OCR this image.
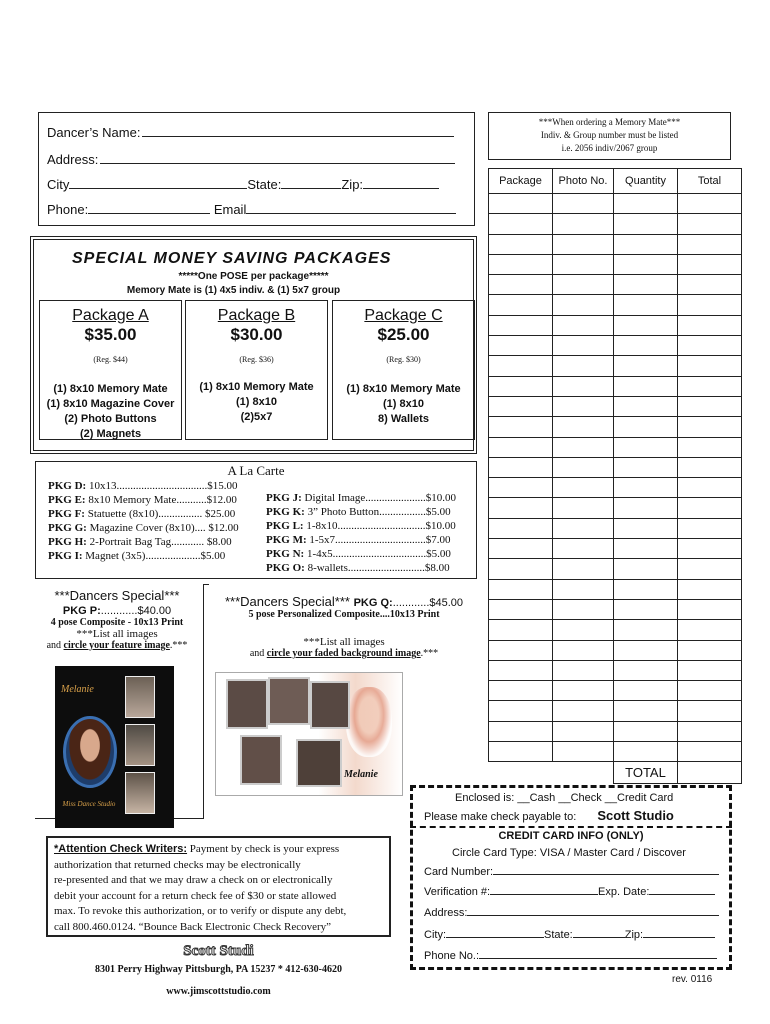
Dancer’s Name:
Address:
City	State:	Zip:
Phone:	Email
***When ordering a Memory Mate***
Indiv. & Group number must be listed
i.e. 2056 indiv/2067 group
Package	Photo No.	Quantity	Total

		TOTAL	
SPECIAL MONEY SAVING PACKAGES
*****One POSE per package*****
Memory Mate is (1) 4x5 indiv. & (1) 5x7 group
Package A
$35.00
(Reg. $44)
(1) 8x10 Memory Mate
(1) 8x10 Magazine Cover
(2) Photo Buttons
(2) Magnets
Package B
$30.00
(Reg. $36)
(1) 8x10 Memory Mate
(1) 8x10
(2)5x7
Package C
$25.00
(Reg. $30)
(1) 8x10 Memory Mate
(1) 8x10
8) Wallets
A La Carte
PKG D: 10x13.................................$15.00
PKG E: 8x10 Memory Mate...........$12.00
PKG F: Statuette (8x10)................ $25.00
PKG G: Magazine Cover (8x10).... $12.00
PKG H: 2-Portrait Bag Tag............ $8.00
PKG I: Magnet (3x5)....................$5.00
PKG J: Digital Image......................$10.00
PKG K: 3” Photo Button.................$5.00
PKG L: 1-8x10................................$10.00
PKG M: 1-5x7.................................$7.00
PKG N: 1-4x5..................................$5.00
PKG O: 8-wallets............................$8.00
***Dancers Special***
PKG P:............$40.00
4 pose Composite - 10x13 Print
***List all images
and circle your feature image.***
Melanie
Miss Dance Studio
***Dancers Special*** PKG Q:............$45.00
5 pose Personalized Composite....10x13 Print
***List all images
and circle your faded background image.***
Melanie
*Attention Check Writers: Payment by check is your express
authorization that returned checks may be electronically
re-presented and that we may draw a check on or electronically
debit your account for a return check fee of $30 or state allowed
max. To revoke this authorization, or to verify or dispute any debt,
call 800.460.0124. “Bounce Back Electronic Check Recovery”
Scott Studi
8301 Perry Highway Pittsburgh, PA 15237 * 412-630-4620
www.jimscottstudio.com
Enclosed is: __Cash __Check __Credit Card
Please make check payable to: Scott Studio
CREDIT CARD INFO (ONLY)
Circle Card Type: VISA / Master Card / Discover
Card Number:
Verification #:	Exp. Date:
Address:
City:	State:	Zip:
Phone No.:
rev. 0116
